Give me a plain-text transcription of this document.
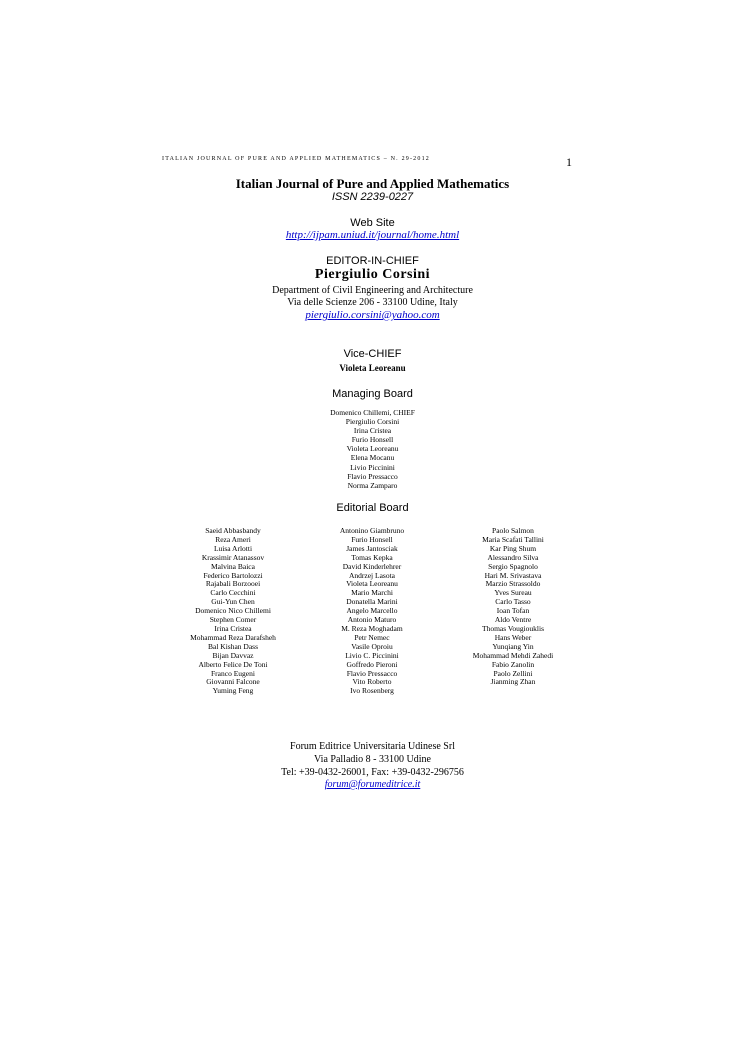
ITALIAN JOURNAL OF PURE AND APPLIED MATHEMATICS – N. 29-2012	1
Italian Journal of Pure and Applied Mathematics
ISSN 2239-0227
Web Site
http://ijpam.uniud.it/journal/home.html
EDITOR-IN-CHIEF
Piergiulio Corsini
Department of Civil Engineering and Architecture
Via delle Scienze 206 - 33100 Udine, Italy
piergiulio.corsini@yahoo.com
Vice-CHIEF
Violeta Leoreanu
Managing Board
Domenico Chillemi, CHIEF
Piergiulio Corsini
Irina Cristea
Furio Honsell
Violeta Leoreanu
Elena Mocanu
Livio Piccinini
Flavio Pressacco
Norma Zamparo
Editorial Board
Saeid Abbasbandy
Reza Ameri
Luisa Arlotti
Krassimir Atanassov
Malvina Baica
Federico Bartolozzi
Rajabali Borzooei
Carlo Cecchini
Gui-Yun Chen
Domenico Nico Chillemi
Stephen Comer
Irina Cristea
Mohammad Reza Darafsheh
Bal Kishan Dass
Bijan Davvaz
Alberto Felice De Toni
Franco Eugeni
Giovanni Falcone
Yuming Feng
Antonino Giambruno
Furio Honsell
James Jantosciak
Tomas Kepka
David Kinderlehrer
Andrzej Lasota
Violeta Leoreanu
Mario Marchi
Donatella Marini
Angelo Marcello
Antonio Maturo
M. Reza Moghadam
Petr Nemec
Vasile Oproiu
Livio C. Piccinini
Goffredo Pieroni
Flavio Pressacco
Vito Roberto
Ivo Rosenberg
Paolo Salmon
Maria Scafati Tallini
Kar Ping Shum
Alessandro Silva
Sergio Spagnolo
Hari M. Srivastava
Marzio Strassoldo
Yves Sureau
Carlo Tasso
Ioan Tofan
Aldo Ventre
Thomas Vougiouklis
Hans Weber
Yunqiang Yin
Mohammad Mehdi Zahedi
Fabio Zanolin
Paolo Zellini
Jianming Zhan
Forum Editrice Universitaria Udinese Srl
Via Palladio 8 - 33100 Udine
Tel: +39-0432-26001, Fax: +39-0432-296756
forum@forumeditrice.it
